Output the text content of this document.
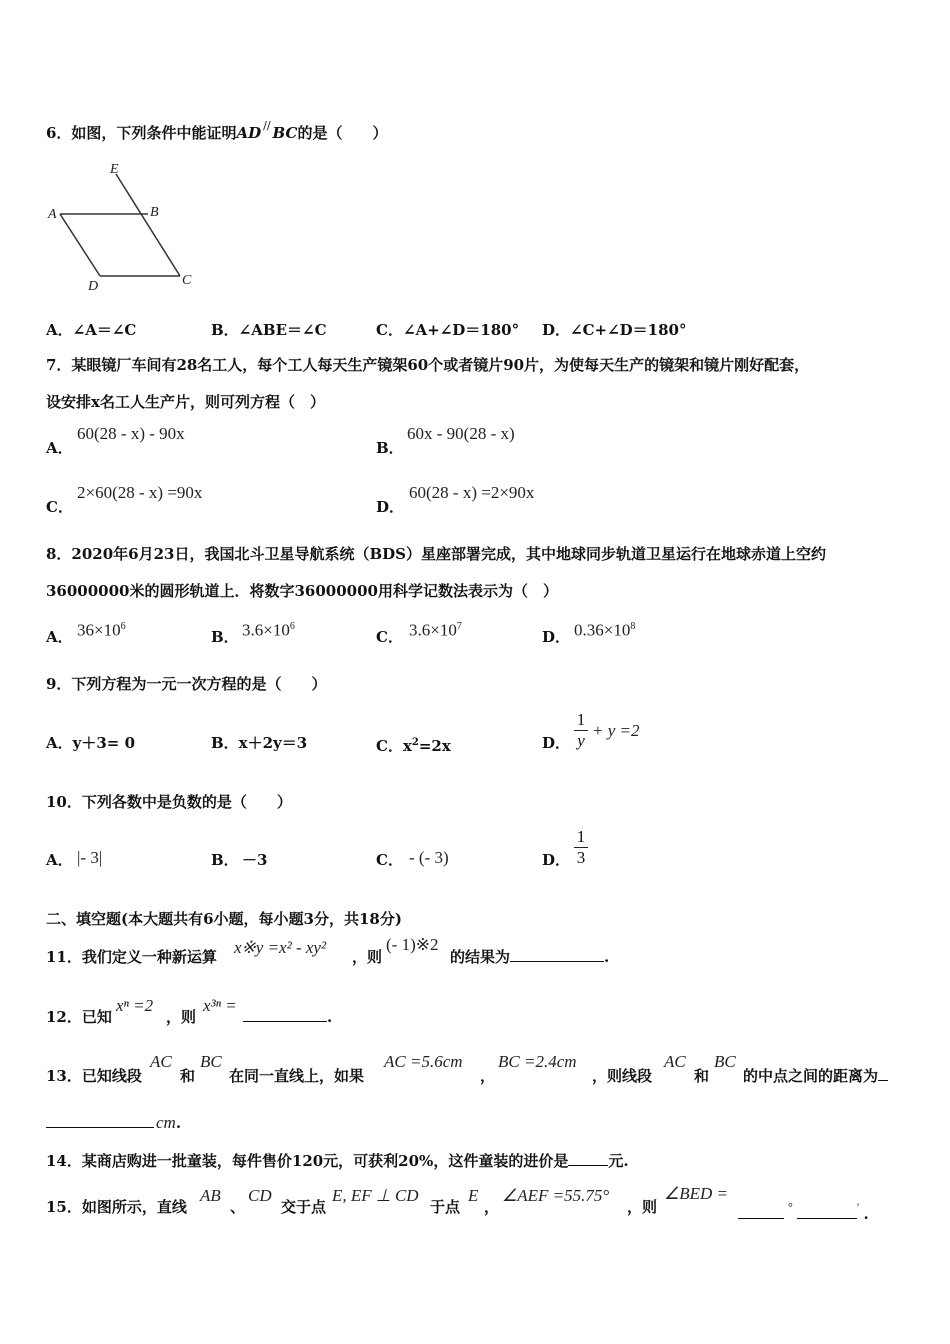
6．如图，下列条件中能证明AD // BC的是（　　）
E
A	B
D	C
A．∠A＝∠C	B．∠ABE＝∠C	C．∠A+∠D＝180° D．∠C+∠D＝180°
7．某眼镜厂车间有28名工人，每个工人每天生产镜架60个或者镜片90片，为使每天生产的镜架和镜片刚好配套，
设安排x名工人生产片，则可列方程（　）
A．
60(28 - x) - 90x
B．
60x - 90(28 - x)
C．
2×60(28 - x) =90x
D．
60(28 - x) =2×90x
8．2020年6月23日，我国北斗卫星导航系统（BDS）星座部署完成，其中地球同步轨道卫星运行在地球赤道上空约
36000000米的圆形轨道上．将数字36000000用科学记数法表示为（　）
A． $36\times 10^6$
B． $3.6\times 10^6$
C． $3.6\times 10^7$
D． $0.36\times 10^8$
9．下列方程为一元一次方程的是（　　）
A．y＋3= 0	B．x＋2y＝3	C．$x^2=2x$	D．
1
y
+ y =2
10．下列各数中是负数的是（　　）
A． |- 3|	B． －3	C． - (- 3)	D．
1
3
二、填空题(本大题共有6小题，每小题3分，共18分)
11．我们定义一种新运算 x※y =x² - xy² ，则
(- 1)※2
的结果为	.
12．已知
xⁿ =2
，则
x³ⁿ =
.
13．已知线段
AC
和
BC
在同一直线上，如果
AC =5.6cm
，
BC =2.4cm
，则线段
AC
和
BC
的中点之间的距离为
cm.
14．某商店购进一批童装，每件售价120元，可获利20%，这件童装的进价是	元.
15．如图所示，直线
AB
、
CD
交于点
E, EF ⊥ CD
于点
E
，
∠AEF =55.75°
，则
∠BED =
°	′ .
